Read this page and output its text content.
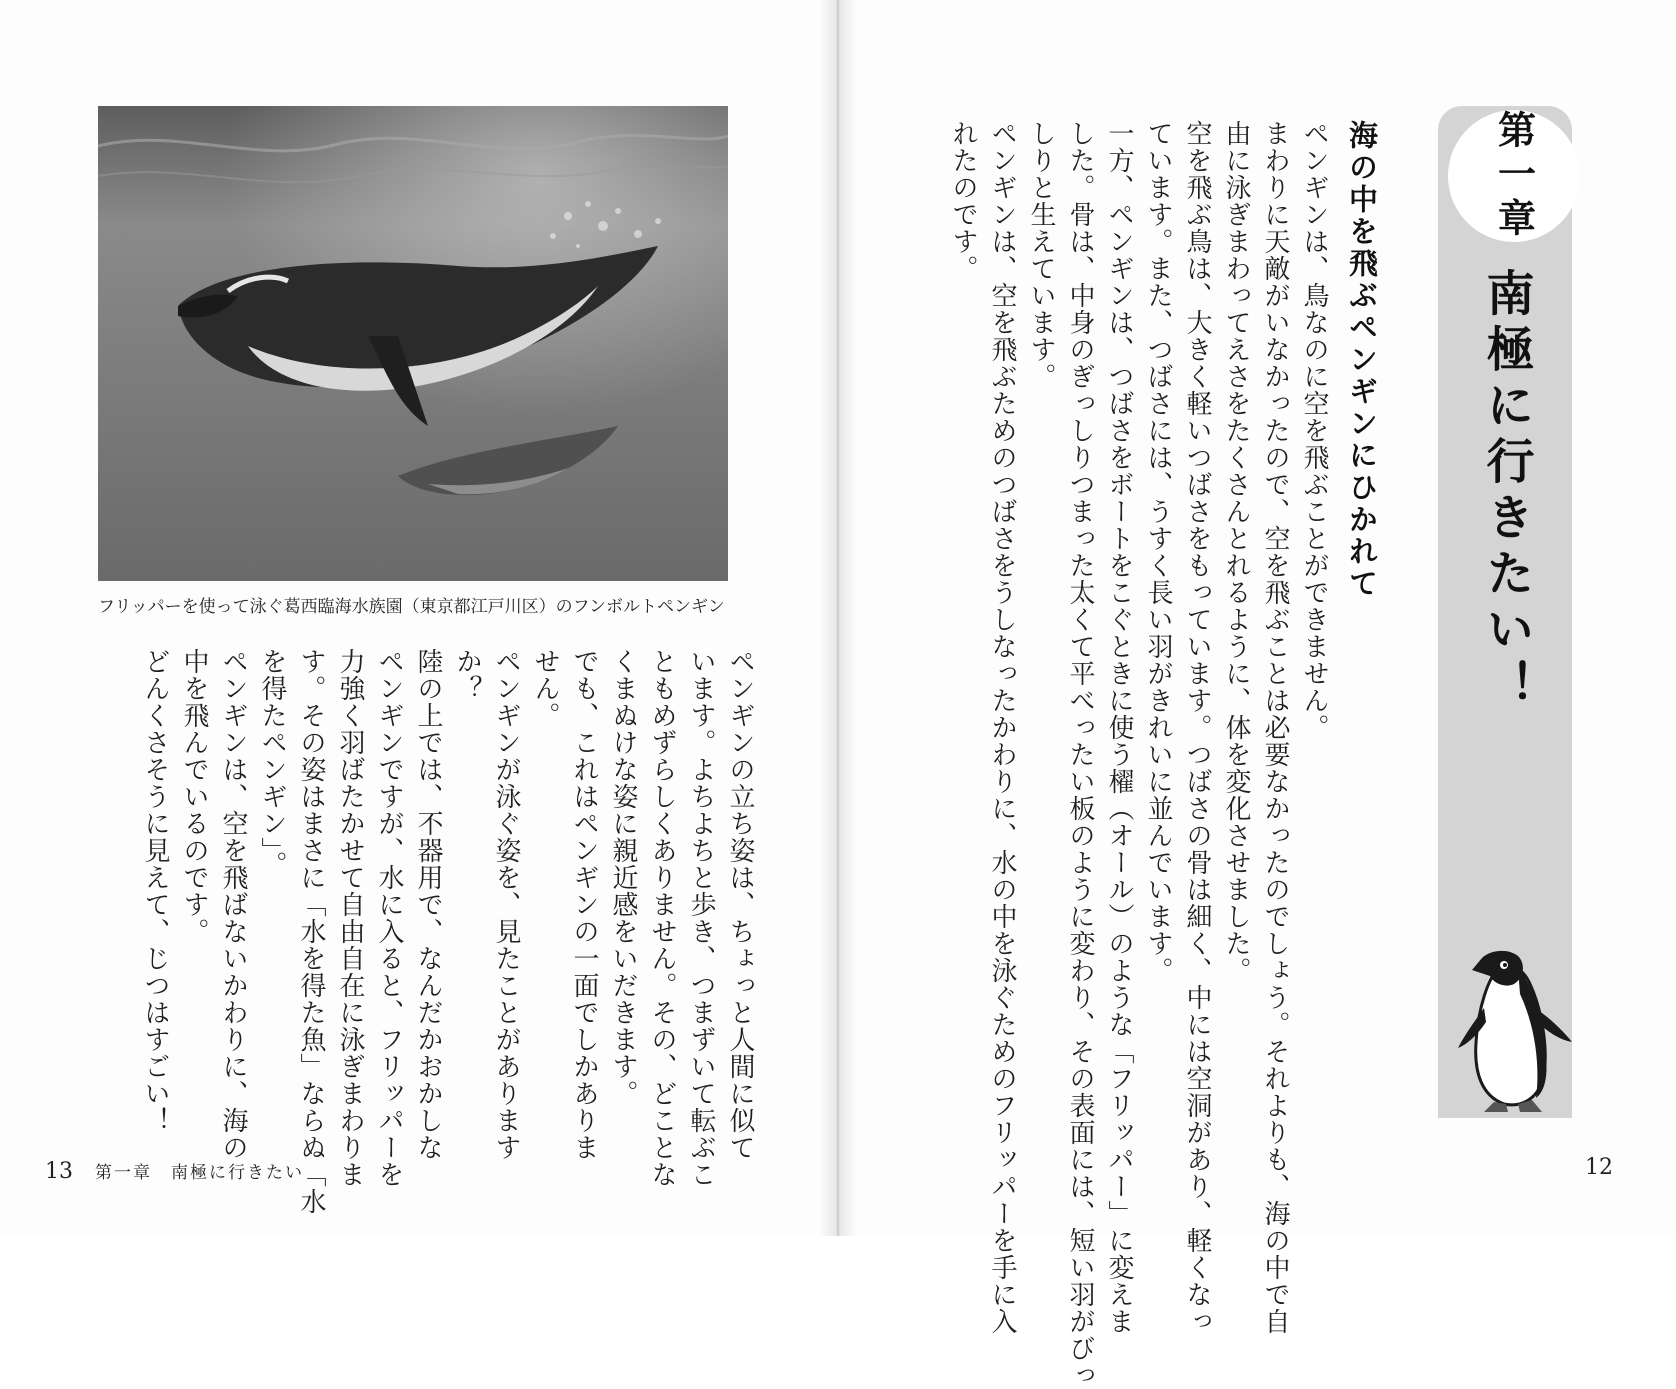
第一章
南極に行きたい！
海の中を飛ぶペンギンにひかれて

ペンギンは、鳥なのに空を飛ぶことができません。

まわりに天敵がいなかったので、空を飛ぶことは必要なかったのでしょう。それよりも、海の中で自

由に泳ぎまわってえさをたくさんとれるように、体を変化させました。

空を飛ぶ鳥は、大きく軽いつばさをもっています。つばさの骨は細く、中には空洞があり、軽くなっ

ています。また、つばさには、うすく長い羽がきれいに並んでいます。

一方、ペンギンは、つばさをボートをこぐときに使う櫂（オール）のような「フリッパー」に変えま

した。骨は、中身のぎっしりつまった太くて平べったい板のように変わり、その表面には、短い羽がびっ

しりと生えています。

ペンギンは、空を飛ぶためのつばさをうしなったかわりに、水の中を泳ぐためのフリッパーを手に入

れたのです。

12
フリッパーを使って泳ぐ葛西臨海水族園（東京都江戸川区）のフンボルトペンギン

ペンギンの立ち姿は、ちょっと人間に似て

います。よちよちと歩き、つまずいて転ぶこ

ともめずらしくありません。その、どことな

くまぬけな姿に親近感をいだきます。

でも、これはペンギンの一面でしかありま

せん。

ペンギンが泳ぐ姿を、見たことがあります

か？

陸の上では、不器用で、なんだかおかしな

ペンギンですが、水に入ると、フリッパーを

力強く羽ばたかせて自由自在に泳ぎまわりま

す。その姿はまさに「水を得た魚」ならぬ「水

を得たペンギン」。

ペンギンは、空を飛ばないかわりに、海の

中を飛んでいるのです。

どんくさそうに見えて、じつはすごい！

13 第一章　南極に行きたい
